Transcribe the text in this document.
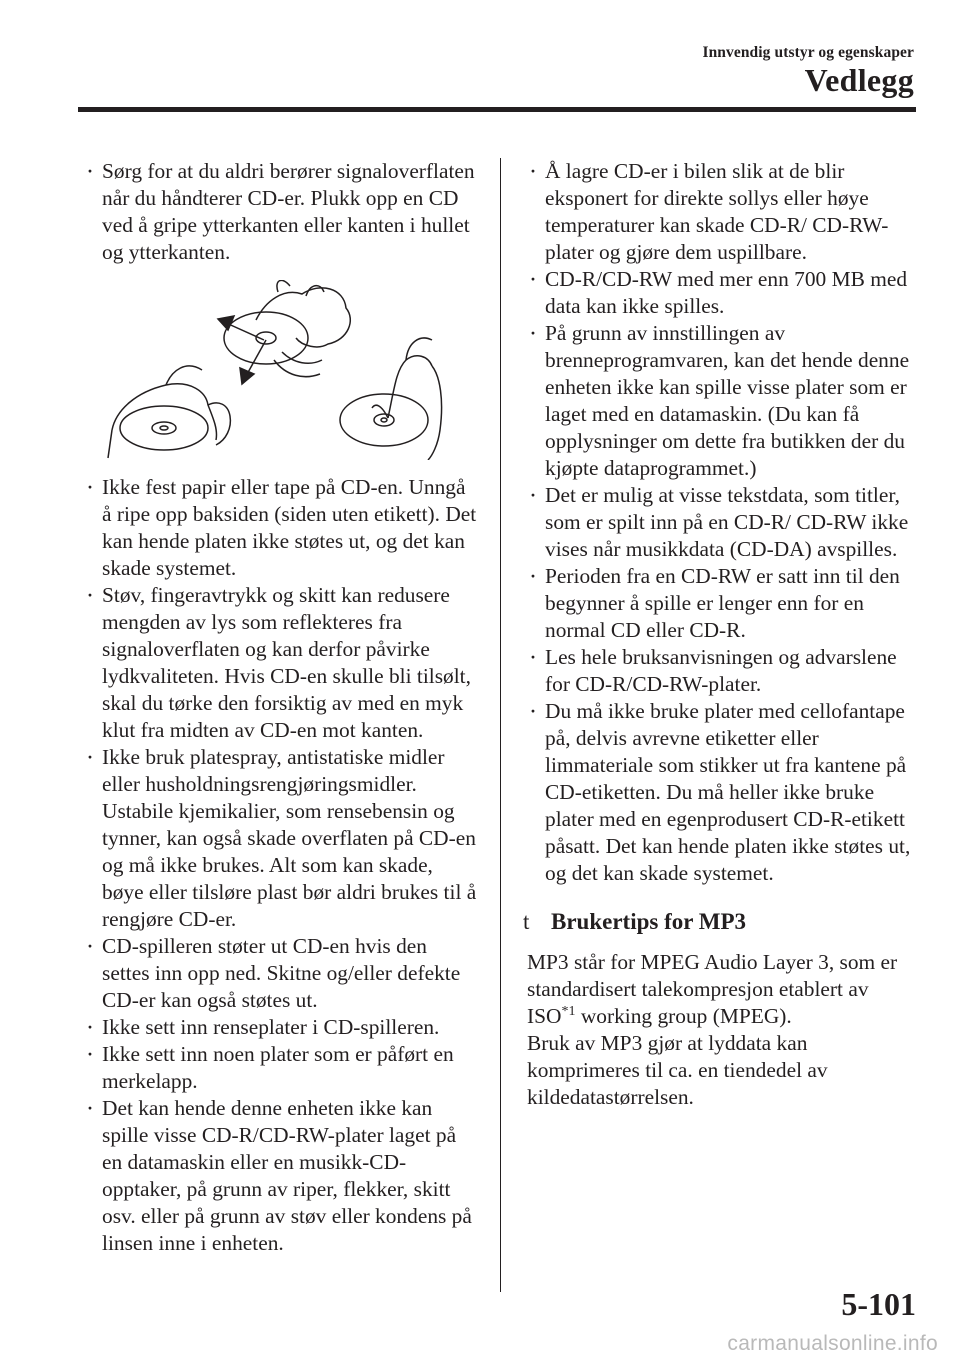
Innvendig utstyr og egenskaper
Vedlegg
· Sørg for at du aldri berører signaloverflaten når du håndterer CD-er. Plukk opp en CD ved å gripe ytterkanten eller kanten i hullet og ytterkanten.
· Ikke fest papir eller tape på CD-en. Unngå å ripe opp baksiden (siden uten etikett). Det kan hende platen ikke støtes ut, og det kan skade systemet.
· Støv, fingeravtrykk og skitt kan redusere mengden av lys som reflekteres fra signaloverflaten og kan derfor påvirke lydkvaliteten. Hvis CD-en skulle bli tilsølt, skal du tørke den forsiktig av med en myk klut fra midten av CD-en mot kanten.
· Ikke bruk platespray, antistatiske midler eller husholdningsrengjøringsmidler. Ustabile kjemikalier, som rensebensin og tynner, kan også skade overflaten på CD-en og må ikke brukes. Alt som kan skade, bøye eller tilsløre plast bør aldri brukes til å rengjøre CD-er.
· CD-spilleren støter ut CD-en hvis den settes inn opp ned. Skitne og/eller defekte CD-er kan også støtes ut.
· Ikke sett inn renseplater i CD-spilleren.
· Ikke sett inn noen plater som er påført en merkelapp.
· Det kan hende denne enheten ikke kan spille visse CD-R/CD-RW-plater laget på en datamaskin eller en musikk-CD-opptaker, på grunn av riper, flekker, skitt osv. eller på grunn av støv eller kondens på linsen inne i enheten.
· Å lagre CD-er i bilen slik at de blir eksponert for direkte sollys eller høye temperaturer kan skade CD-R/ CD-RW-plater og gjøre dem uspillbare.
· CD-R/CD-RW med mer enn 700 MB med data kan ikke spilles.
· På grunn av innstillingen av brenneprogramvaren, kan det hende denne enheten ikke kan spille visse plater som er laget med en datamaskin. (Du kan få opplysninger om dette fra butikken der du kjøpte dataprogrammet.)
· Det er mulig at visse tekstdata, som titler, som er spilt inn på en CD-R/ CD-RW ikke vises når musikkdata (CD-DA) avspilles.
· Perioden fra en CD-RW er satt inn til den begynner å spille er lenger enn for en normal CD eller CD-R.
· Les hele bruksanvisningen og advarslene for CD-R/CD-RW-plater.
· Du må ikke bruke plater med cellofantape på, delvis avrevne etiketter eller limmateriale som stikker ut fra kantene på CD-etiketten. Du må heller ikke bruke plater med en egenprodusert CD-R-etikett påsatt. Det kan hende platen ikke støtes ut, og det kan skade systemet.
t Brukertips for MP3

MP3 står for MPEG Audio Layer 3, som er standardisert talekompresjon etablert av ISO$^{*1}$ working group (MPEG).
Bruk av MP3 gjør at lyddata kan komprimeres til ca. en tiendedel av kildedatastørrelsen.

5-101
carmanualsonline.info
